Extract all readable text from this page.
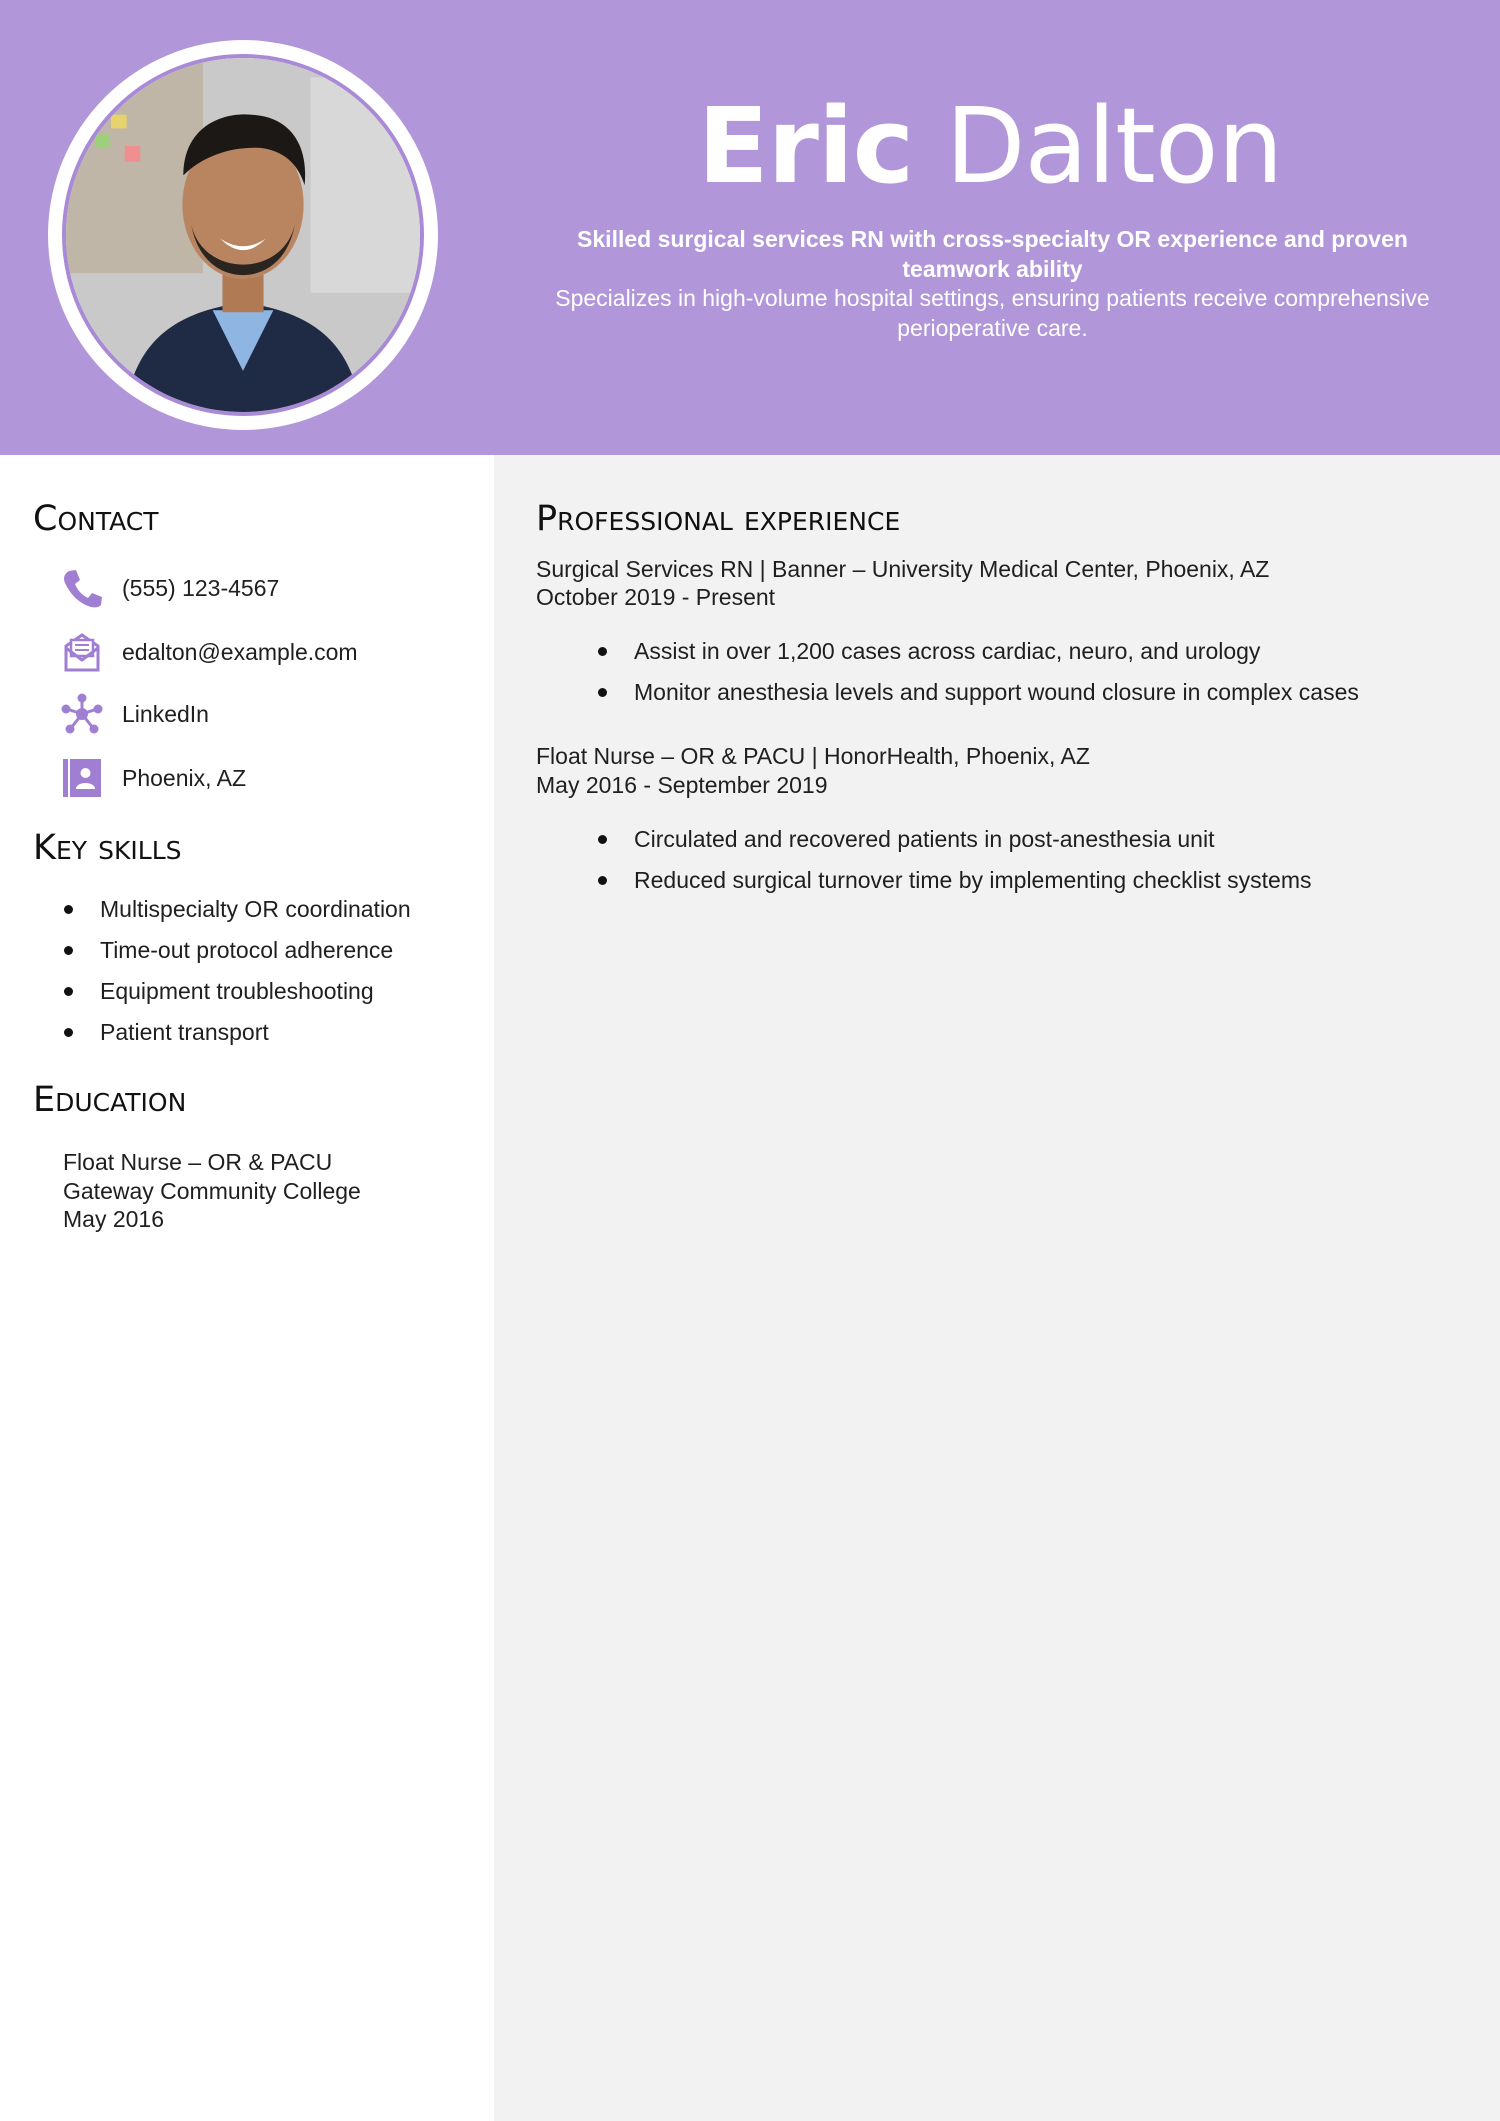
Eric Dalton
Skilled surgical services RN with cross-specialty OR experience and proven teamwork ability
Specializes in high-volume hospital settings, ensuring patients receive comprehensive perioperative care.
Contact
(555) 123-4567
edalton@example.com
LinkedIn
Phoenix, AZ
Key skills
Multispecialty OR coordination
Time-out protocol adherence
Equipment troubleshooting
Patient transport
Education
Float Nurse – OR & PACU
Gateway Community College
May 2016
Professional experience
Surgical Services RN | Banner – University Medical Center, Phoenix, AZ
October 2019 - Present
Assist in over 1,200 cases across cardiac, neuro, and urology
Monitor anesthesia levels and support wound closure in complex cases
Float Nurse – OR & PACU | HonorHealth, Phoenix, AZ
May 2016 - September 2019
Circulated and recovered patients in post-anesthesia unit
Reduced surgical turnover time by implementing checklist systems
